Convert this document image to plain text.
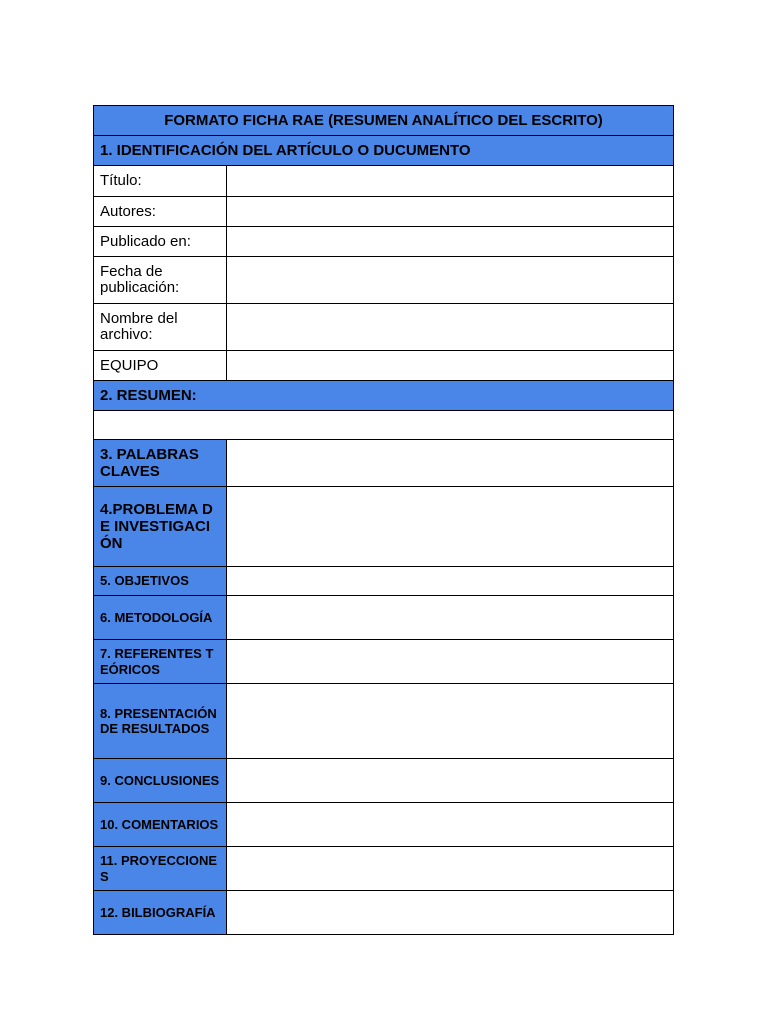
FORMATO FICHA RAE (RESUMEN ANALÍTICO DEL ESCRITO)	
1. IDENTIFICACIÓN DEL ARTÍCULO O DUCUMENTO	
Título:	
Autores:	
Publicado en:	
Fecha de publicación:	
Nombre del archivo:	
EQUIPO	
2. RESUMEN:	

3. PALABRAS CLAVES	
4.PROBLEMA DE INVESTIGACIÓN	
5. OBJETIVOS	
6. METODOLOGÍA	
7. REFERENTES TEÓRICOS	
8. PRESENTACIÓN DE RESULTADOS	
9. CONCLUSIONES	
10. COMENTARIOS	
11. PROYECCIONES	
12. BILBIOGRAFÍA	
